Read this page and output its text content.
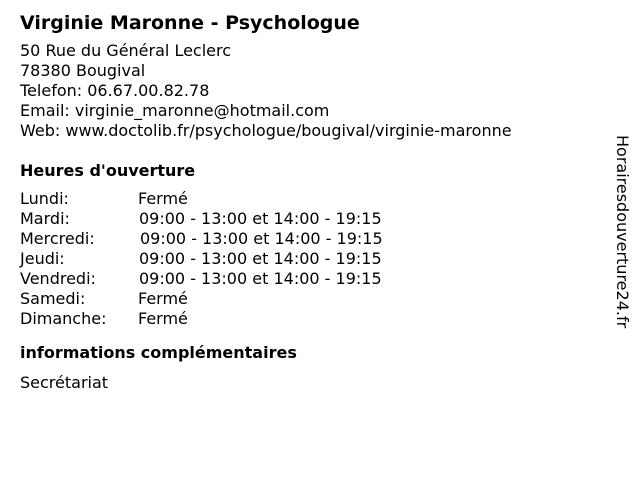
Virginie Maronne - Psychologue
50 Rue du Général Leclerc
78380 Bougival
Telefon: 06.67.00.82.78
Email: virginie_maronne@hotmail.com
Web: www.doctolib.fr/psychologue/bougival/virginie-maronne
Heures d'ouverture
Lundi:	Fermé
Mardi:	09:00 - 13:00 et 14:00 - 19:15
Mercredi:	09:00 - 13:00 et 14:00 - 19:15
Jeudi:	09:00 - 13:00 et 14:00 - 19:15
Vendredi:	09:00 - 13:00 et 14:00 - 19:15
Samedi:	Fermé
Dimanche: Fermé
informations complémentaires
Secrétariat
Horairesdouverture24.fr
